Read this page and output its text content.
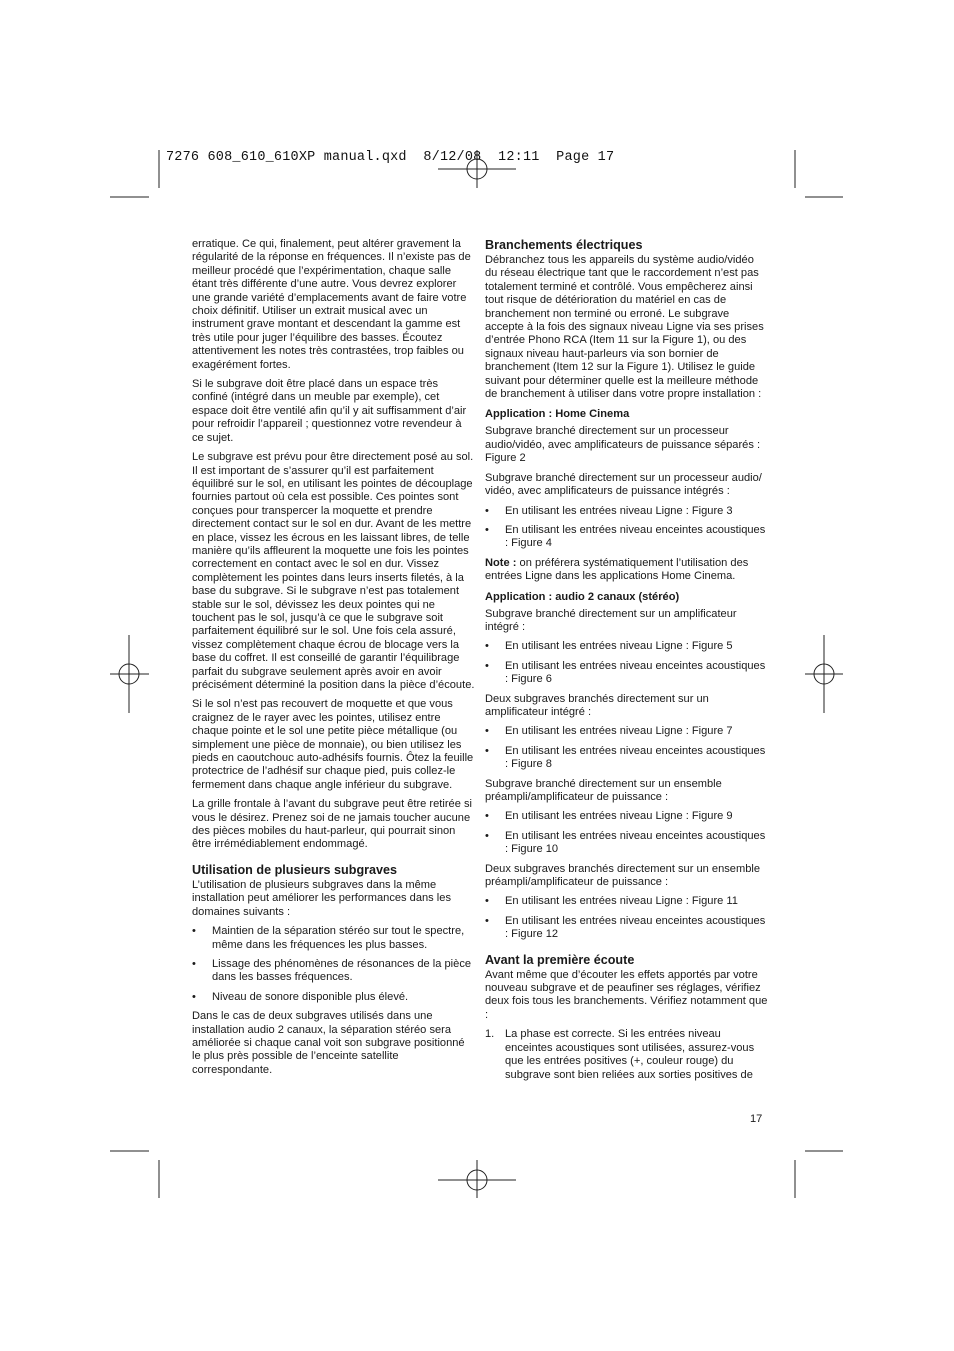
7276 608_610_610XP manual.qxd  8/12/08  12:11  Page 17

erratique. Ce qui, finalement, peut altérer gravement la régularité de la réponse en fréquences. Il n’existe pas de meilleur procédé que l’expérimentation, chaque salle étant très différente d’une autre. Vous devrez explorer une grande variété d’emplacements avant de faire votre choix définitif. Utiliser un extrait musical avec un instrument grave montant et descendant la gamme est très utile pour juger l’équilibre des basses. Écoutez attentivement les notes très contrastées, trop faibles ou exagérément fortes.

Si le subgrave doit être placé dans un espace très confiné (intégré dans un meuble par exemple), cet espace doit être ventilé afin qu’il y ait suffisamment d’air pour refroidir l’appareil ; questionnez votre revendeur à ce sujet.

Le subgrave est prévu pour être directement posé au sol. Il est important de s’assurer qu’il est parfaitement équilibré sur le sol, en utilisant les pointes de découplage fournies partout où cela est possible. Ces pointes sont conçues pour transpercer la moquette et prendre directement contact sur le sol en dur. Avant de les mettre en place, vissez les écrous en les laissant libres, de telle manière qu’ils affleurent la moquette une fois les pointes correctement en contact avec le sol en dur. Vissez complètement les pointes dans leurs inserts filetés, à la base du subgrave. Si le subgrave n’est pas totalement stable sur le sol, dévissez les deux pointes qui ne touchent pas le sol, jusqu’à ce que le subgrave soit parfaitement équilibré sur le sol. Une fois cela assuré, vissez complètement chaque écrou de blocage vers la base du coffret. Il est conseillé de garantir l’équilibrage parfait du subgrave seulement après avoir en avoir précisément déterminé la position dans la pièce d’écoute.

Si le sol n’est pas recouvert de moquette et que vous craignez de le rayer avec les pointes, utilisez entre chaque pointe et le sol une petite pièce métallique (ou simplement une pièce de monnaie), ou bien utilisez les pieds en caoutchouc auto-adhésifs fournis. Ôtez la feuille protectrice de l’adhésif sur chaque pied, puis collez-le fermement dans chaque angle inférieur du subgrave.

La grille frontale à l’avant du subgrave peut être retirée si vous le désirez. Prenez soi de ne jamais toucher aucune des pièces mobiles du haut-parleur, qui pourrait sinon être irrémédiablement endommagé.

Utilisation de plusieurs subgraves

L’utilisation de plusieurs subgraves dans la même installation peut améliorer les performances dans les domaines suivants :

• Maintien de la séparation stéréo sur tout le spectre, même dans les fréquences les plus basses.
• Lissage des phénomènes de résonances de la pièce dans les basses fréquences.
• Niveau de sonore disponible plus élevé.

Dans le cas de deux subgraves utilisés dans une installation audio 2 canaux, la séparation stéréo sera améliorée si chaque canal voit son subgrave positionné le plus près possible de l’enceinte satellite correspondante.

Branchements électriques

Débranchez tous les appareils du système audio/vidéo du réseau électrique tant que le raccordement n’est pas totalement terminé et contrôlé. Vous empêcherez ainsi tout risque de détérioration du matériel en cas de branchement non terminé ou erroné. Le subgrave accepte à la fois des signaux niveau Ligne via ses prises d’entrée Phono RCA (Item 11 sur la Figure 1), ou des signaux niveau haut-parleurs via son bornier de branchement (Item 12 sur la Figure 1). Utilisez le guide suivant pour déterminer quelle est la meilleure méthode de branchement à utiliser dans votre propre installation :

Application : Home Cinema

Subgrave branché directement sur un processeur audio/vidéo, avec amplificateurs de puissance séparés : Figure 2

Subgrave branché directement sur un processeur audio/ vidéo, avec amplificateurs de puissance intégrés :

• En utilisant les entrées niveau Ligne : Figure 3
• En utilisant les entrées niveau enceintes acoustiques : Figure 4

Note : on préférera systématiquement l’utilisation des entrées Ligne dans les applications Home Cinema.

Application : audio 2 canaux (stéréo)

Subgrave branché directement sur un amplificateur intégré :

• En utilisant les entrées niveau Ligne : Figure 5
• En utilisant les entrées niveau enceintes acoustiques : Figure 6

Deux subgraves branchés directement sur un amplificateur intégré :

• En utilisant les entrées niveau Ligne : Figure 7
• En utilisant les entrées niveau enceintes acoustiques : Figure 8

Subgrave branché directement sur un ensemble préampli/amplificateur de puissance :

• En utilisant les entrées niveau Ligne : Figure 9
• En utilisant les entrées niveau enceintes acoustiques : Figure 10

Deux subgraves branchés directement sur un ensemble préampli/amplificateur de puissance :

• En utilisant les entrées niveau Ligne : Figure 11
• En utilisant les entrées niveau enceintes acoustiques : Figure 12
Avant la première écoute

Avant même que d’écouter les effets apportés par votre nouveau subgrave et de peaufiner ses réglages, vérifiez deux fois tous les branchements. Vérifiez notamment que :

1. La phase est correcte. Si les entrées niveau enceintes acoustiques sont utilisées, assurez-vous que les entrées positives (+, couleur rouge) du subgrave sont bien reliées aux sorties positives de
17
